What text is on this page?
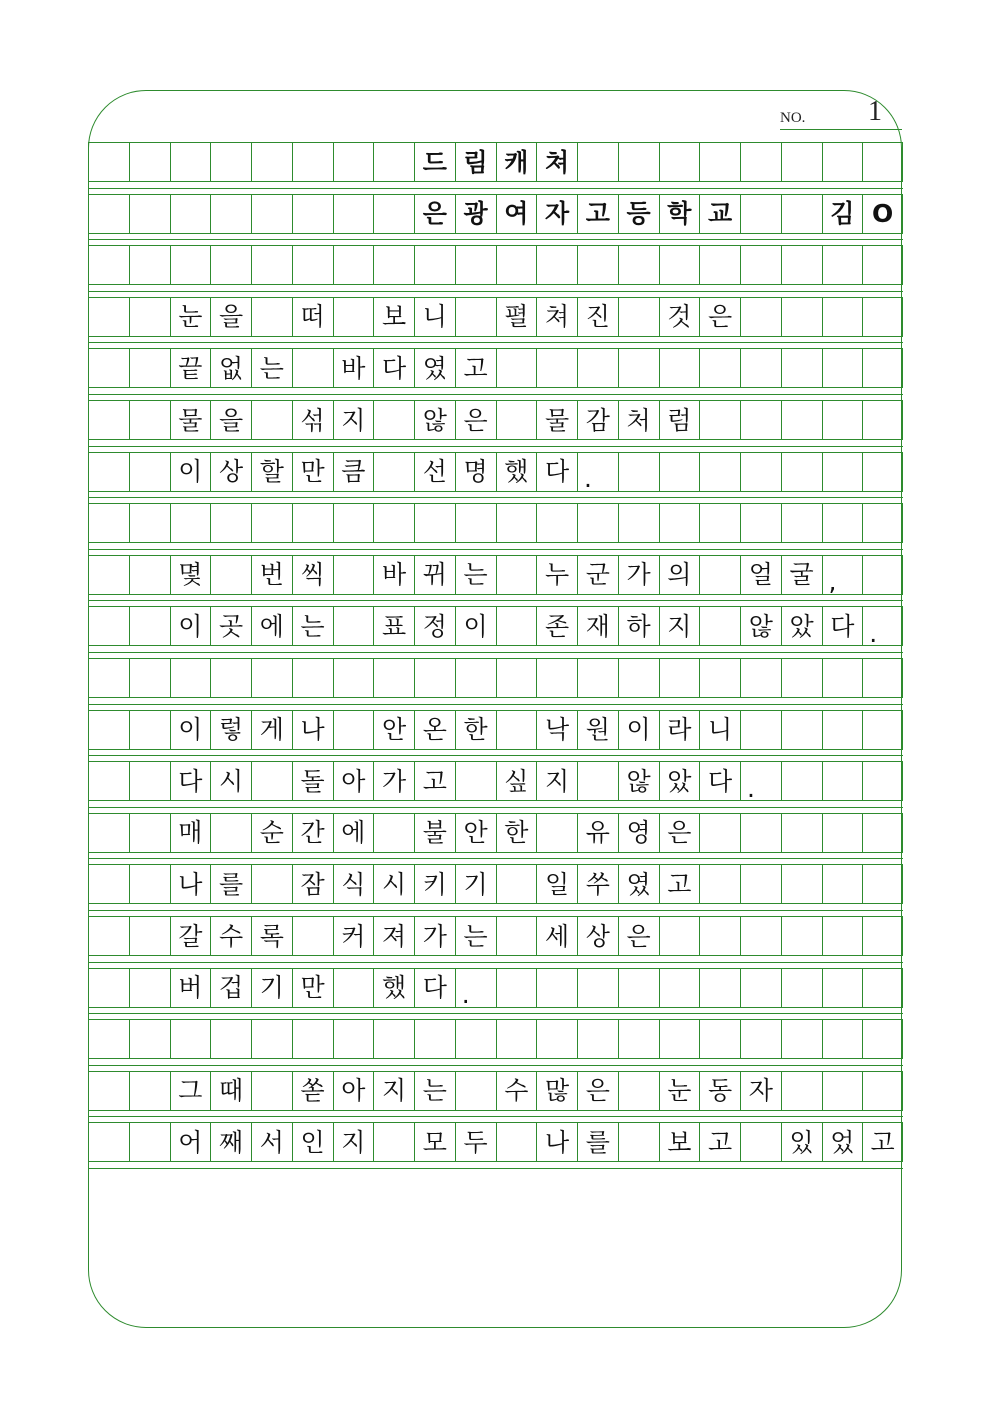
NO. 1
드 림 캐 쳐
은 광 여 자 고 등 학 교	김 O
눈 을	떠	보 니	펼 쳐 진	것 은
끝 없 는	바 다 였 고
물 을	섞 지	않 은	물 감 처 럼
이 상 할 만 큼	선 명 했 다 .
몇	번 씩	바 뀌 는	누 군 가 의	얼 굴 ,
이 곳 에 는	표 정 이	존 재 하 지	않 았 다 .
이 렇 게 나	안 온 한	낙 원 이 라 니
다 시	돌 아 가 고	싶 지	않 았 다 .
매	순 간 에	불 안 한	유 영 은
나 를	잠 식 시 키 기	일 쑤 였 고
갈 수 록	커 져 가 는	세 상 은
버 겁 기 만	했 다 .
그 때	쏟 아 지 는	수 많 은	눈 동 자
어 째 서 인 지	모 두	나 를	보 고	있 었 고
